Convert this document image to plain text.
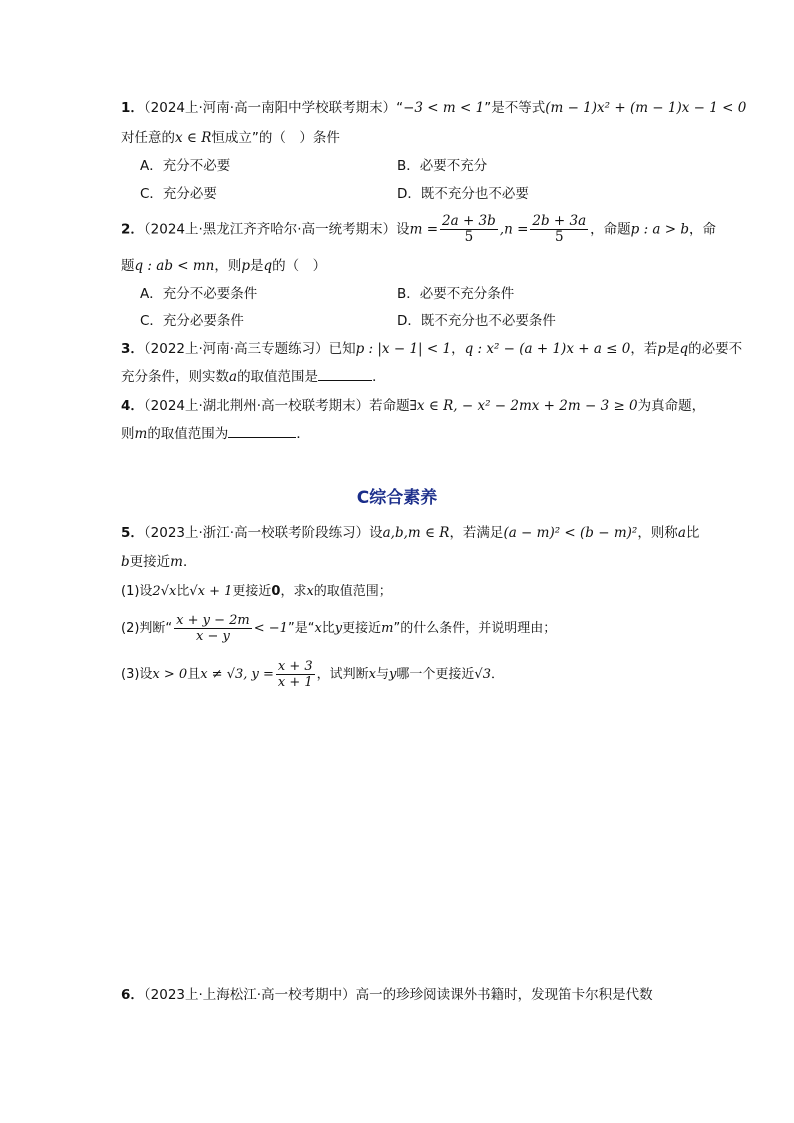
1．（2024上·河南·高一南阳中学校联考期末）“−3 < m < 1”是不等式(m − 1)x² + (m − 1)x − 1 < 0
对任意的x ∈ R恒成立”的（　）条件
A．充分不必要	B．必要不充分
C．充分必要	D．既不充分也不必要
2．（2024上·黑龙江齐齐哈尔·高一统考期末）设$m = \frac{2a + 3b}{5} ,n = \frac{2b + 3a}{5}$ ，命题p : a > b，命
题q : ab < mn，则p是q的（　）
A．充分不必要条件	B．必要不充分条件
C．充分必要条件	D．既不充分也不必要条件
3．（2022上·河南·高三专题练习）已知p : |x − 1| < 1，q : x² − (a + 1)x + a ≤ 0，若p是q的必要不
充分条件，则实数a的取值范围是	．
4．（2024上·湖北荆州·高一校联考期末）若命题∃x ∈ R, − x² − 2mx + 2m − 3 ≥ 0为真命题，
则m的取值范围为	．
C综合素养
5．（2023上·浙江·高一校联考阶段练习）设a,b,m ∈ R，若满足(a − m)² < (b − m)²，则称a比
b更接近m．
(1)设2√x比√x + 1更接近0，求x的取值范围；
(2)判断“ $\frac{x + y - 2m}{x - y} < -1$”是“x比y更接近m”的什么条件，并说明理由；
(3)设x > 0且x ≠ √3, $y = \frac{x + 3}{x + 1}$ ，试判断x与y哪一个更接近√3．
6．（2023上·上海松江·高一校考期中）高一的珍珍阅读课外书籍时，发现笛卡尔积是代数
